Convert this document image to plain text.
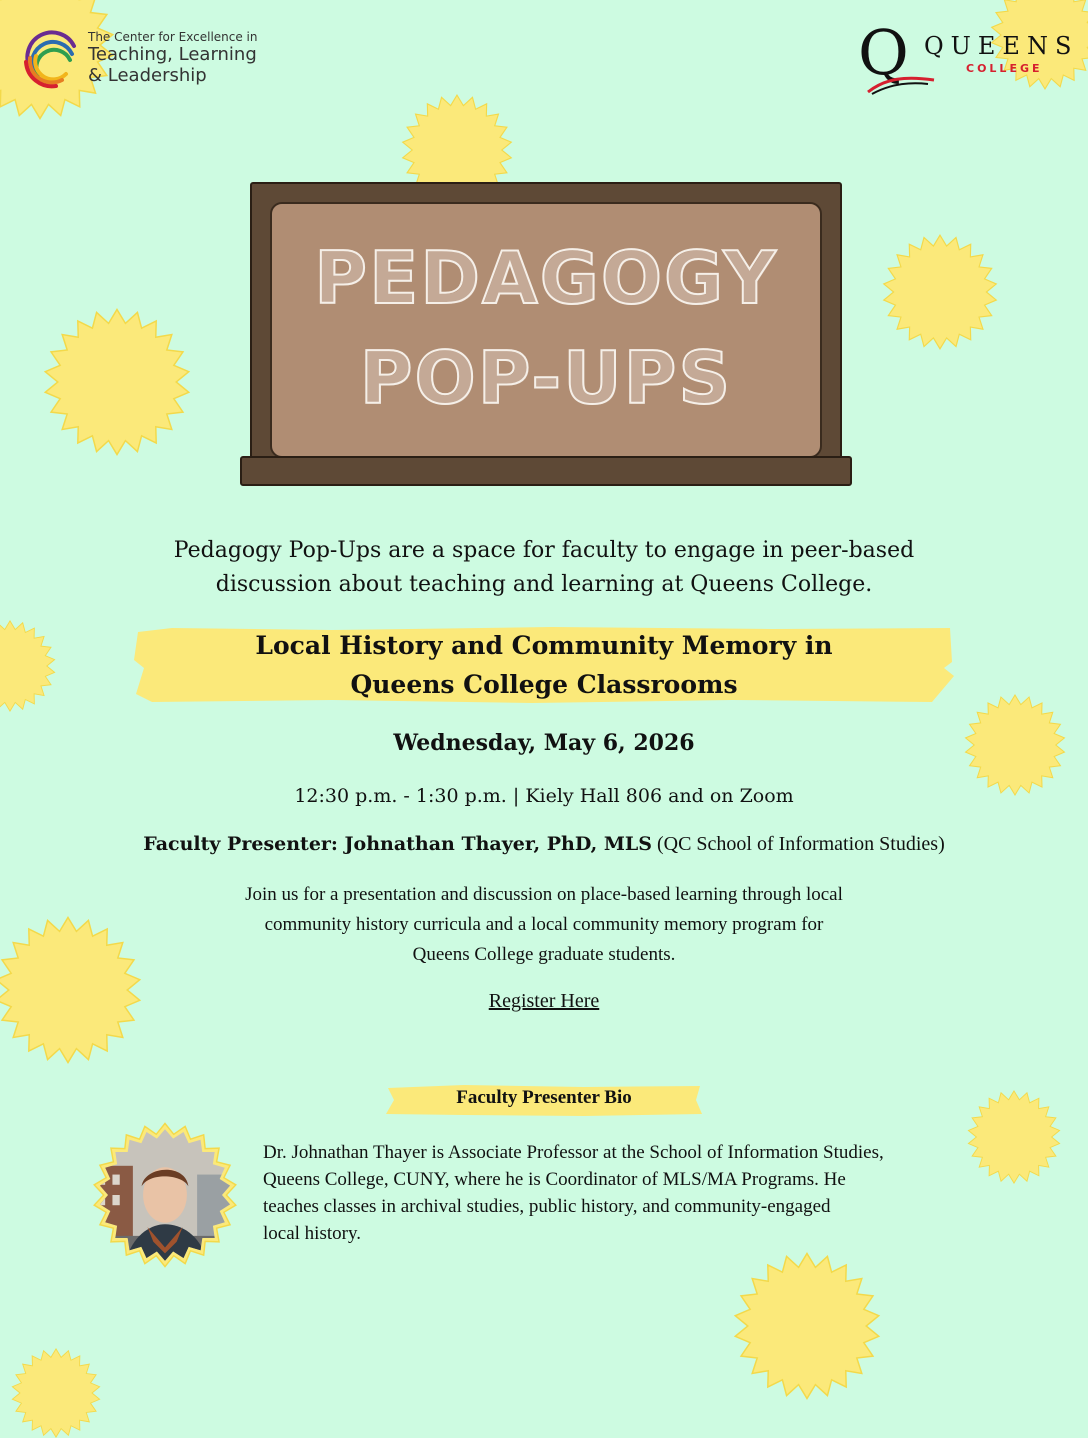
The Center for Excellence in
Teaching, Learning
& Leadership	Q QUEENS
COLLEGE
PEDAGOGY
POP-UPS
Pedagogy Pop-Ups are a space for faculty to engage in peer-based
discussion about teaching and learning at Queens College.
Local History and Community Memory in
Queens College Classrooms
Wednesday, May 6, 2026
12:30 p.m. - 1:30 p.m. | Kiely Hall 806 and on Zoom
Faculty Presenter: Johnathan Thayer, PhD, MLS (QC School of Information Studies)
Join us for a presentation and discussion on place-based learning through local
community history curricula and a local community memory program for
Queens College graduate students.
Register Here
Faculty Presenter Bio
Dr. Johnathan Thayer is Associate Professor at the School of Information Studies,
Queens College, CUNY, where he is Coordinator of MLS/MA Programs. He
teaches classes in archival studies, public history, and community-engaged
local history.
